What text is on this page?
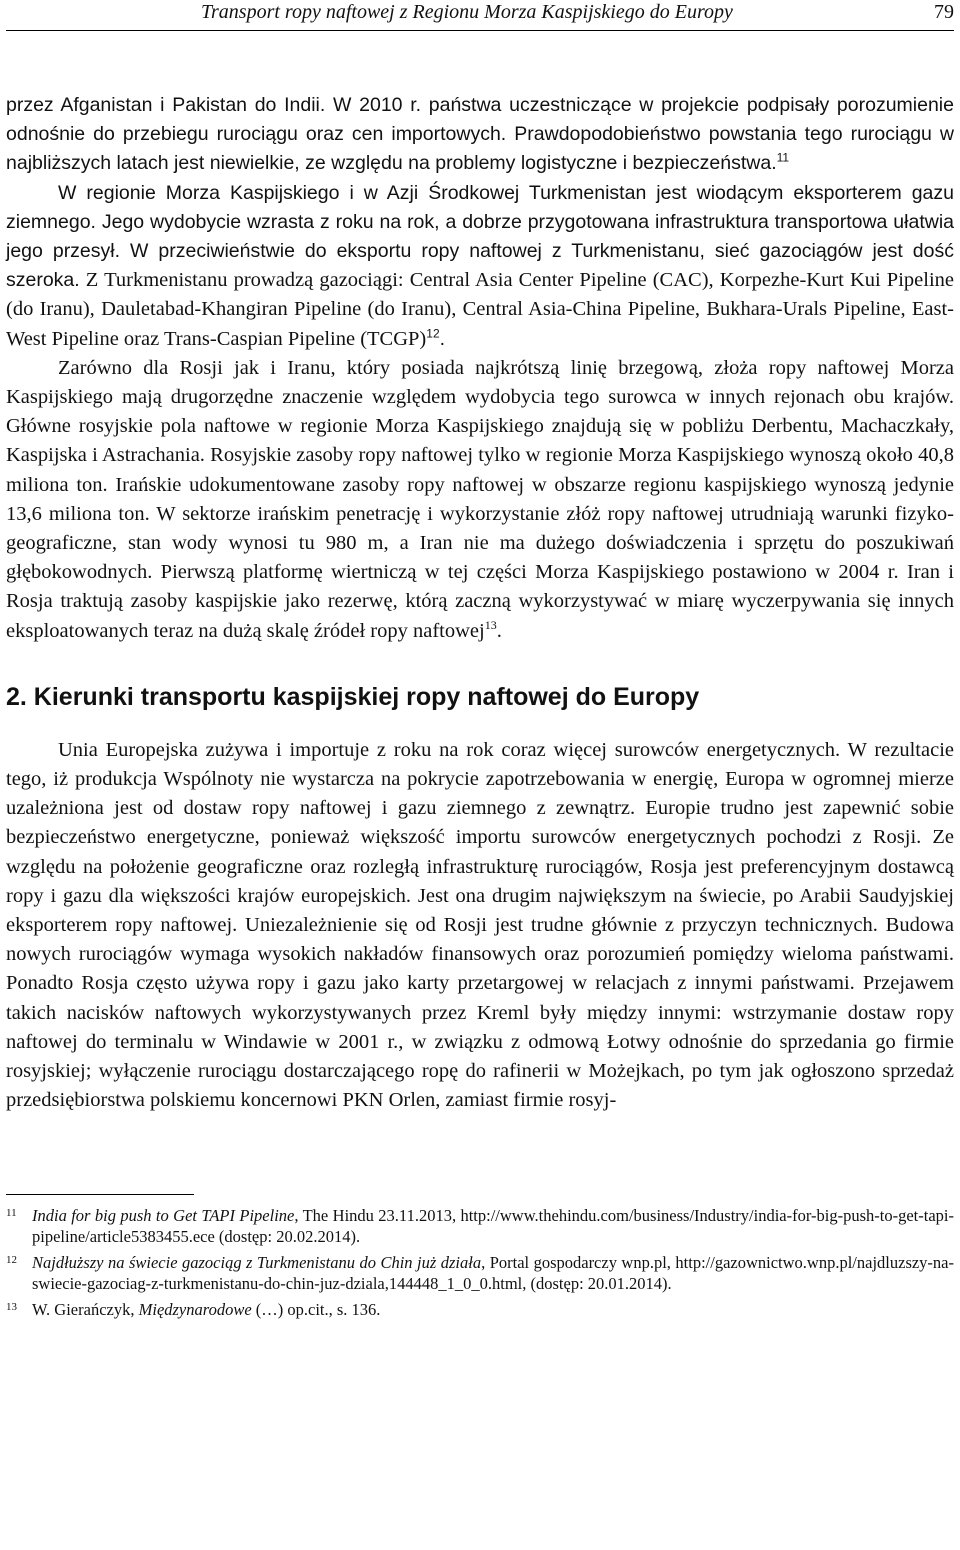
Transport ropy naftowej z Regionu Morza Kaspijskiego do Europy	79

przez Afganistan i Pakistan do Indii. W 2010 r. państwa uczestniczące w projekcie podpisały porozumienie odnośnie do przebiegu rurociągu oraz cen importowych. Prawdopodobieństwo powstania tego rurociągu w najbliższych latach jest niewielkie, ze względu na problemy logistyczne i bezpieczeństwa.$^{11}$

W regionie Morza Kaspijskiego i w Azji Środkowej Turkmenistan jest wiodącym eksporterem gazu ziemnego. Jego wydobycie wzrasta z roku na rok, a dobrze przygotowana infrastruktura transportowa ułatwia jego przesył. W przeciwieństwie do eksportu ropy naftowej z Turkmenistanu, sieć gazociągów jest dość szeroka. Z Turkmenistanu prowadzą gazociągi: Central Asia Center Pipeline (CAC), Korpezhe-Kurt Kui Pipeline (do Iranu), Dauletabad-Khangiran Pipeline (do Iranu), Central Asia-China Pipeline, Bukhara-Urals Pipeline, East-West Pipeline oraz Trans-Caspian Pipeline (TCGP)$^{12}$.

Zarówno dla Rosji jak i Iranu, który posiada najkrótszą linię brzegową, złoża ropy naftowej Morza Kaspijskiego mają drugorzędne znaczenie względem wydobycia tego surowca w innych rejonach obu krajów. Główne rosyjskie pola naftowe w regionie Morza Kaspijskiego znajdują się w pobliżu Derbentu, Machaczkały, Kaspijska i Astrachania. Rosyjskie zasoby ropy naftowej tylko w regionie Morza Kaspijskiego wynoszą około 40,8 miliona ton. Irańskie udokumentowane zasoby ropy naftowej w obszarze regionu kaspijskiego wynoszą jedynie 13,6 miliona ton. W sektorze irańskim penetrację i wykorzystanie złóż ropy naftowej utrudniają warunki fizyko-geograficzne, stan wody wynosi tu 980 m, a Iran nie ma dużego doświadczenia i sprzętu do poszukiwań głębokowodnych. Pierwszą platformę wiertniczą w tej części Morza Kaspijskiego postawiono w 2004 r. Iran i Rosja traktują zasoby kaspijskie jako rezerwę, którą zaczną wykorzystywać w miarę wyczerpywania się innych eksploatowanych teraz na dużą skalę źródeł ropy naftowej$^{13}$.

2. Kierunki transportu kaspijskiej ropy naftowej do Europy

Unia Europejska zużywa i importuje z roku na rok coraz więcej surowców energetycznych. W rezultacie tego, iż produkcja Wspólnoty nie wystarcza na pokrycie zapotrzebowania w energię, Europa w ogromnej mierze uzależniona jest od dostaw ropy naftowej i gazu ziemnego z zewnątrz. Europie trudno jest zapewnić sobie bezpieczeństwo energetyczne, ponieważ większość importu surowców energetycznych pochodzi z Rosji. Ze względu na położenie geograficzne oraz rozległą infrastrukturę rurociągów, Rosja jest preferencyjnym dostawcą ropy i gazu dla większości krajów europejskich. Jest ona drugim największym na świecie, po Arabii Saudyjskiej eksporterem ropy naftowej. Uniezależnienie się od Rosji jest trudne głównie z przyczyn technicznych. Budowa nowych rurociągów wymaga wysokich nakładów finansowych oraz porozumień pomiędzy wieloma państwami. Ponadto Rosja często używa ropy i gazu jako karty przetargowej w relacjach z innymi państwami. Przejawem takich nacisków naftowych wykorzystywanych przez Kreml były między innymi: wstrzymanie dostaw ropy naftowej do terminalu w Windawie w 2001 r., w związku z odmową Łotwy odnośnie do sprzedania go firmie rosyjskiej; wyłączenie rurociągu dostarczającego ropę do rafinerii w Możejkach, po tym jak ogłoszono sprzedaż przedsiębiorstwa polskiemu koncernowi PKN Orlen, zamiast firmie rosyj-

11 India for big push to Get TAPI Pipeline, The Hindu 23.11.2013, http://www.thehindu.com/business/Industry/india-for-big-push-to-get-tapi-pipeline/article5383455.ece (dostęp: 20.02.2014).
12 Najdłuższy na świecie gazociąg z Turkmenistanu do Chin już działa, Portal gospodarczy wnp.pl, http://gazownictwo.wnp.pl/najdluzszy-na-swiecie-gazociag-z-turkmenistanu-do-chin-juz-dziala,144448_1_0_0.html, (dostęp: 20.01.2014).
13 W. Gierańczyk, Międzynarodowe (…) op.cit., s. 136.
